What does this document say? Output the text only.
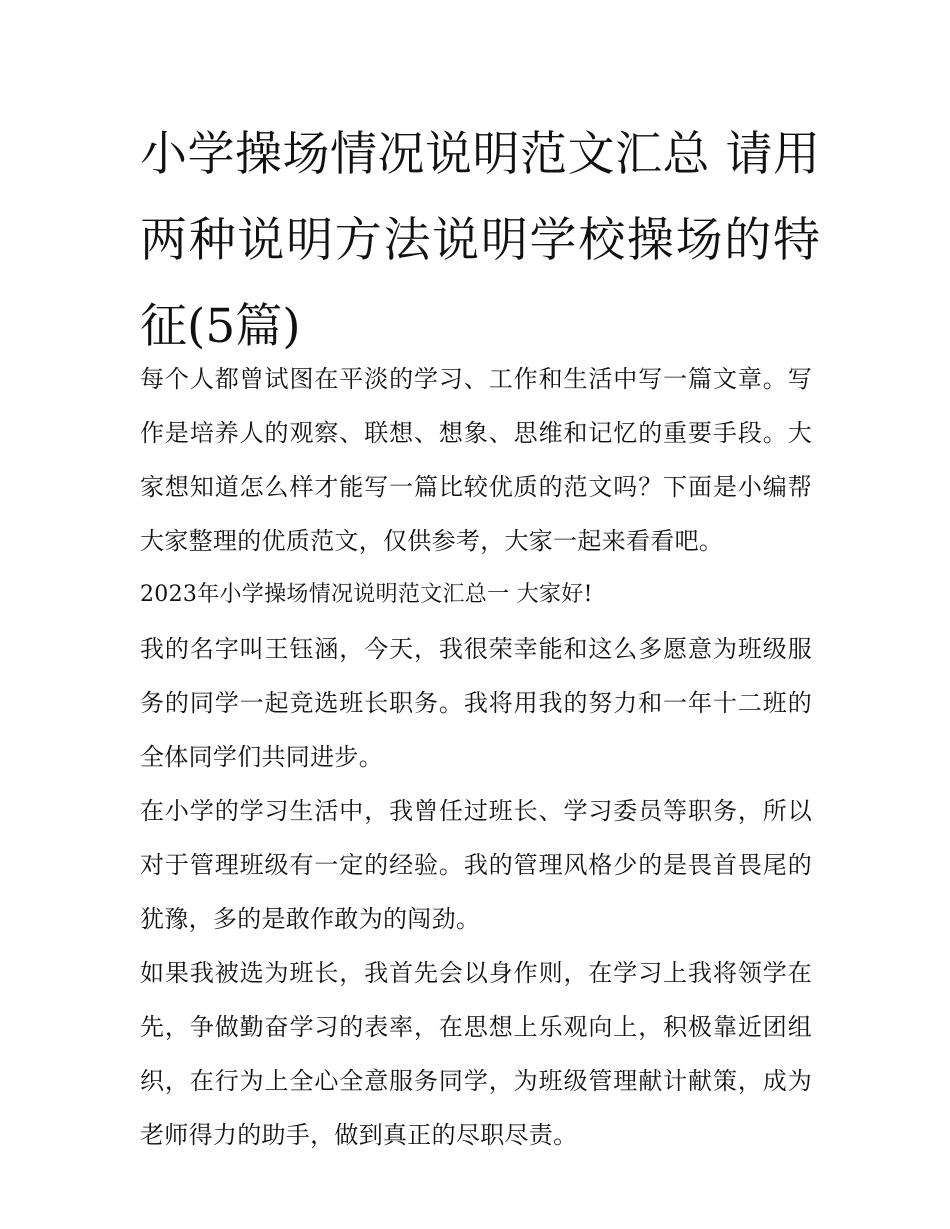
小学操场情况说明范文汇总 请用两种说明方法说明学校操场的特征(5篇)

每个人都曾试图在平淡的学习、工作和生活中写一篇文章。写作是培养人的观察、联想、想象、思维和记忆的重要手段。大家想知道怎么样才能写一篇比较优质的范文吗？下面是小编帮大家整理的优质范文，仅供参考，大家一起来看看吧。

2023年小学操场情况说明范文汇总一 大家好!

我的名字叫王钰涵，今天，我很荣幸能和这么多愿意为班级服务的同学一起竞选班长职务。我将用我的努力和一年十二班的全体同学们共同进步。

在小学的学习生活中，我曾任过班长、学习委员等职务，所以对于管理班级有一定的经验。我的管理风格少的是畏首畏尾的犹豫，多的是敢作敢为的闯劲。

如果我被选为班长，我首先会以身作则，在学习上我将领学在先，争做勤奋学习的表率，在思想上乐观向上，积极靠近团组织，在行为上全心全意服务同学，为班级管理献计献策，成为老师得力的助手，做到真正的尽职尽责。
